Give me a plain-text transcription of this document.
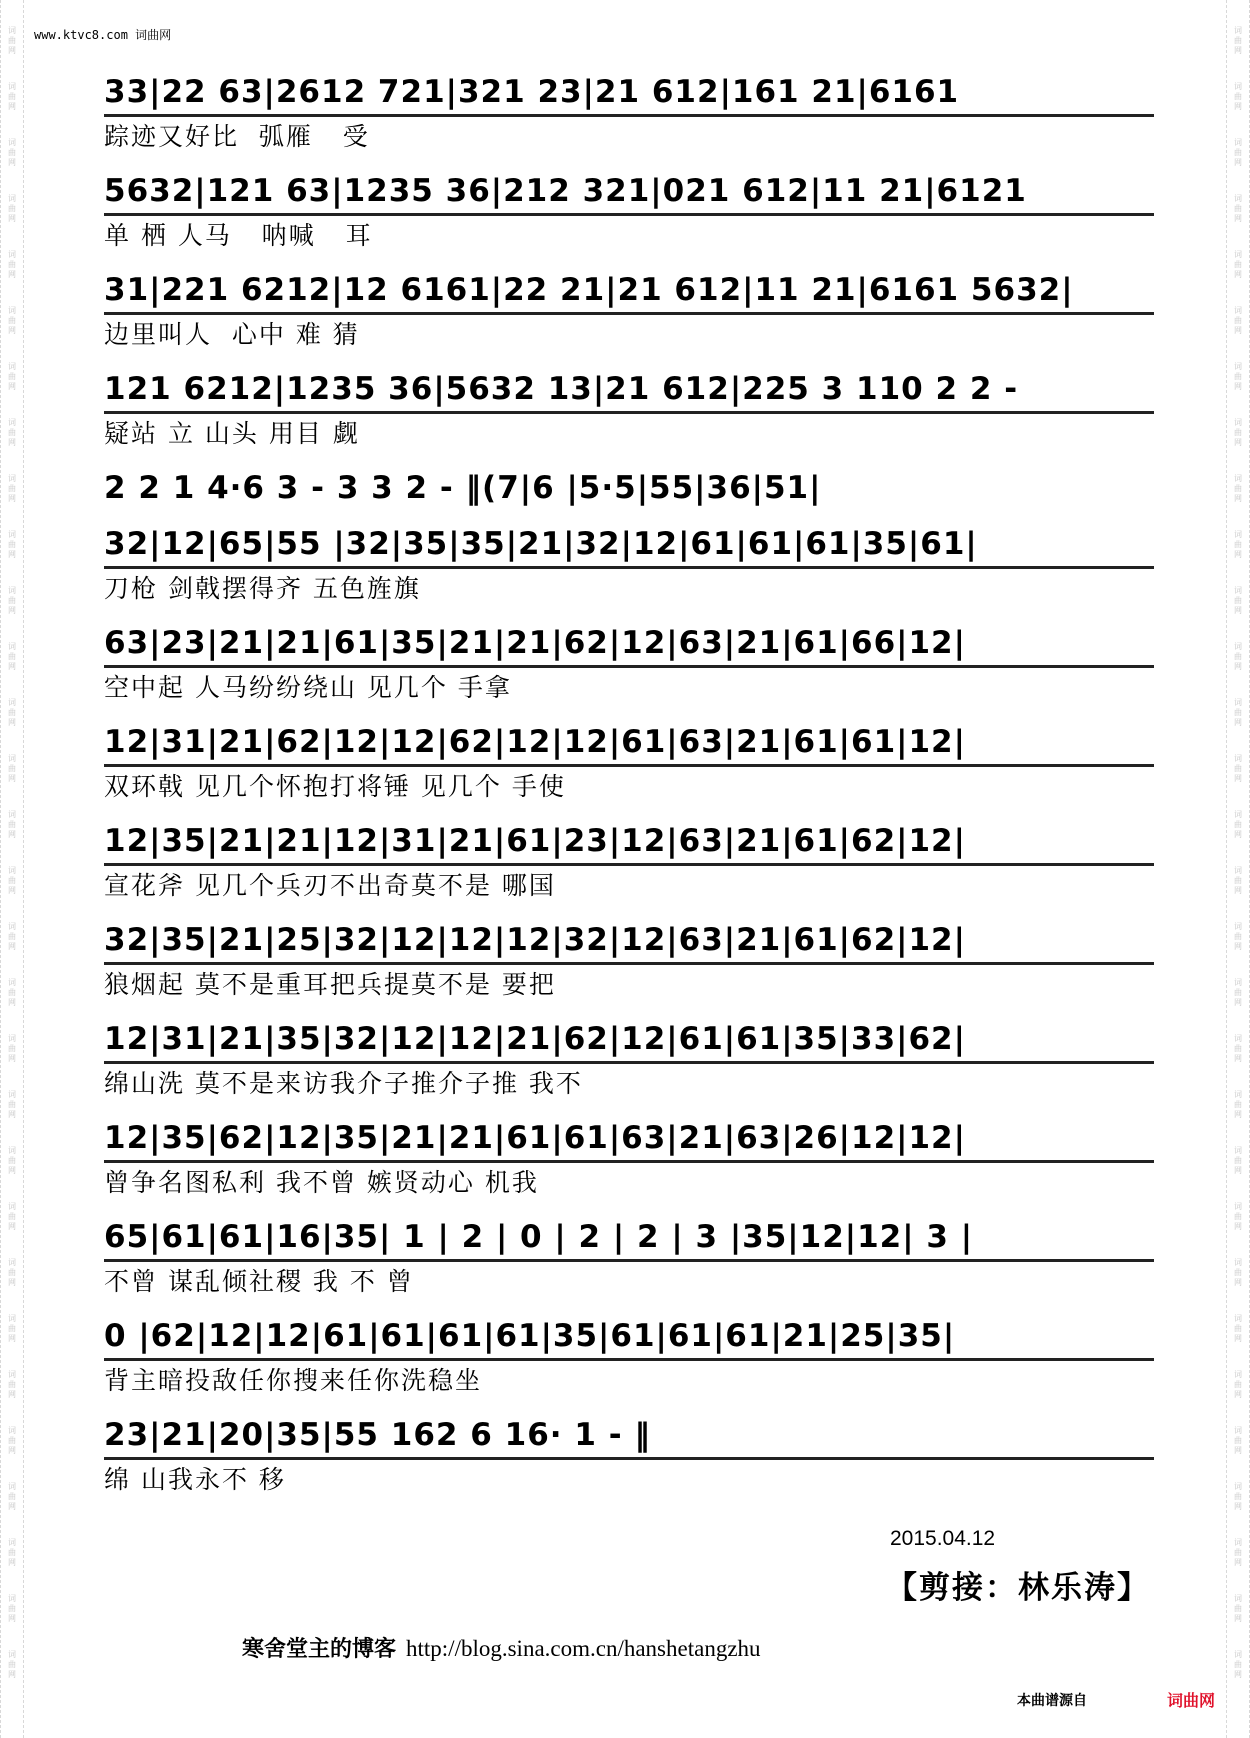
词曲网
词曲网
词曲网
词曲网
词曲网
词曲网
词曲网
词曲网
词曲网
词曲网
词曲网
词曲网
词曲网
词曲网
词曲网
词曲网
词曲网
词曲网
词曲网
词曲网
词曲网
词曲网
词曲网
词曲网
词曲网
词曲网
词曲网
词曲网
词曲网
词曲网
词曲网
词曲网
词曲网
词曲网
词曲网
词曲网
词曲网
词曲网
词曲网
词曲网
词曲网
词曲网
词曲网
词曲网
词曲网
词曲网
词曲网
词曲网
词曲网
词曲网
词曲网
词曲网
词曲网
词曲网
词曲网
词曲网
词曲网
词曲网
词曲网
词曲网
www.ktvc8.com 词曲网
33|22 63|2612 721|321 23|21 612|161 21|6161
踪迹又好比  弧雁   受
5632|121 63|1235 36|212 321|021 612|11 21|6121
单 栖 人马   呐喊   耳
31|221 6212|12 6161|22 21|21 612|11 21|6161 5632|
边里叫人  心中 难 猜
121 6212|1235 36|5632 13|21 612|225 3 110 2 2 -
疑站 立 山头 用目 觑
2 2 1 4·6 3 - 3 3 2 - ‖(7|6 |5·5|55|36|51|
32|12|65|55 |32|35|35|21|32|12|61|61|61|35|61|
刀枪 剑戟摆得齐 五色旌旗
63|23|21|21|61|35|21|21|62|12|63|21|61|66|12|
空中起 人马纷纷绕山 见几个 手拿
12|31|21|62|12|12|62|12|12|61|63|21|61|61|12|
双环戟 见几个怀抱打将锤 见几个 手使
12|35|21|21|12|31|21|61|23|12|63|21|61|62|12|
宣花斧 见几个兵刃不出奇莫不是 哪国
32|35|21|25|32|12|12|12|32|12|63|21|61|62|12|
狼烟起 莫不是重耳把兵提莫不是 要把
12|31|21|35|32|12|12|21|62|12|61|61|35|33|62|
绵山洗 莫不是来访我介子推介子推 我不
12|35|62|12|35|21|21|61|61|63|21|63|26|12|12|
曾争名图私利 我不曾 嫉贤动心 机我
65|61|61|16|35| 1 | 2 | 0 | 2 | 2 | 3 |35|12|12| 3 |
不曾 谋乱倾社稷 我 不 曾
0 |62|12|12|61|61|61|61|35|61|61|61|21|25|35|
背主暗投敌任你搜来任你洗稳坐
23|21|20|35|55 162 6 16· 1 - ‖
绵 山我永不 移
2015.04.12
【剪接：林乐涛】
寒舍堂主的博客 http://blog.sina.com.cn/hanshetangzhu
本曲谱源自	词曲网
